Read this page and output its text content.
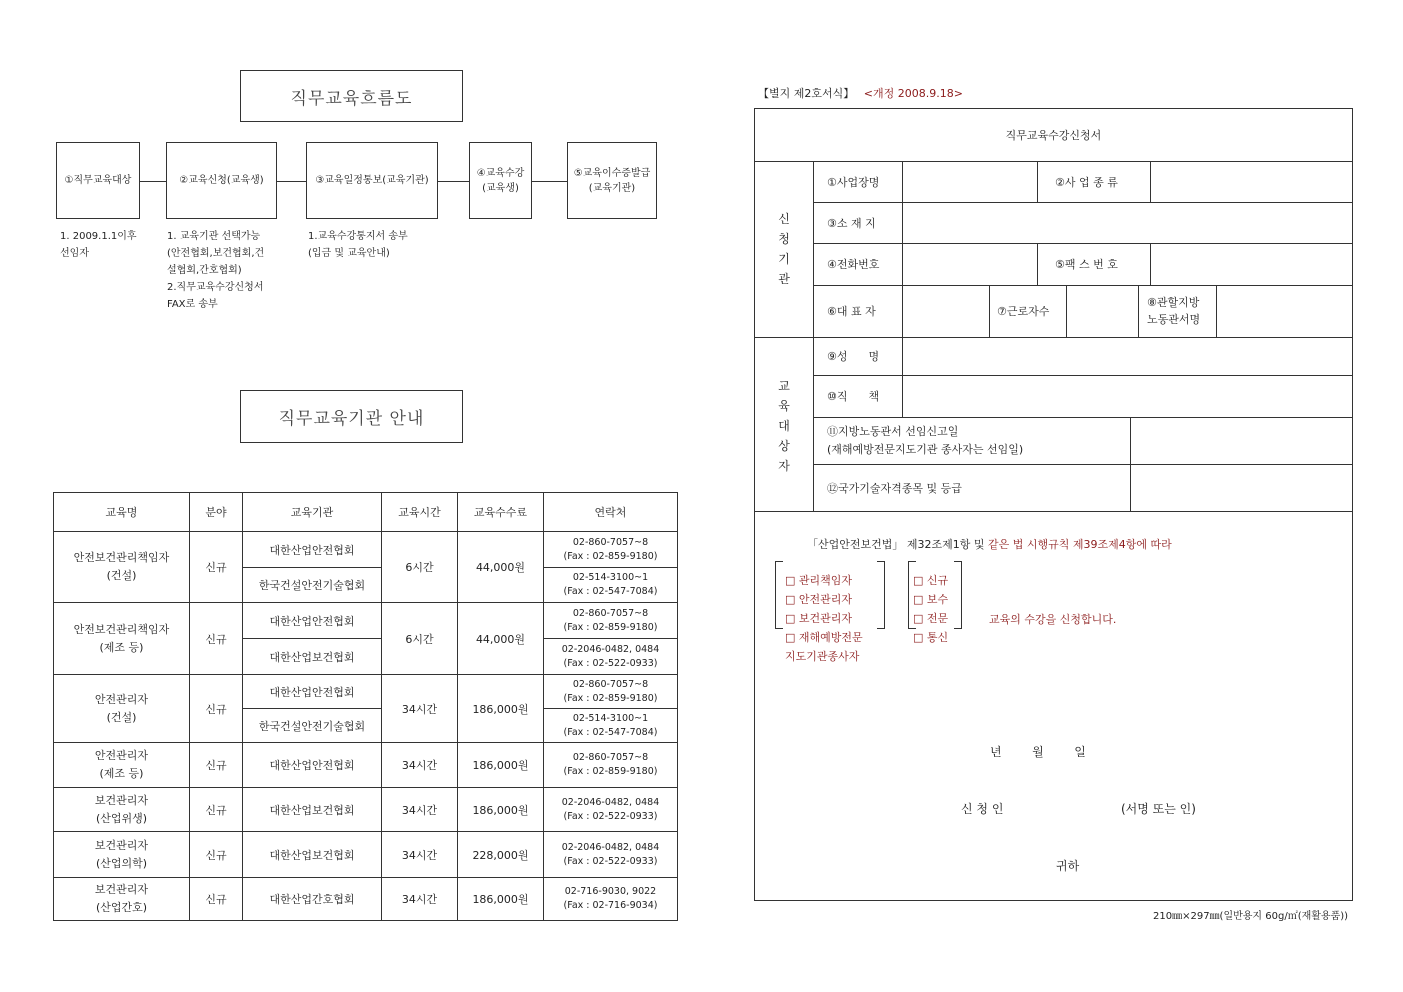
직무교육흐름도
①직무교육대상	②교육신청(교육생)	③교육일정통보(교육기관)
④교육수강
(교육생)
⑤교육이수증발급
(교육기관)
1. 2009.1.1이후
선임자
1. 교육기관 선택가능
(안전협회,보건협회,건
설협회,간호협회)
2.직무교육수강신청서
FAX로 송부
1.교육수강통지서 송부
(입금 및 교육안내)
직무교육기관 안내
교육명	분야	교육기관	교육시간	교육수수료	연락처
안전보건관리책임자
(건설)	신규	대한산업안전협회	6시간	44,000원	02-860-7057~8
(Fax : 02-859-9180)
		한국건설안전기술협회			02-514-3100~1
(Fax : 02-547-7084)
안전보건관리책임자
(제조 등)	신규	대한산업안전협회	6시간	44,000원	02-860-7057~8
(Fax : 02-859-9180)
		대한산업보건협회			02-2046-0482, 0484
(Fax : 02-522-0933)
안전관리자
(건설)	신규	대한산업안전협회	34시간	186,000원	02-860-7057~8
(Fax : 02-859-9180)
		한국건설안전기술협회			02-514-3100~1
(Fax : 02-547-7084)
안전관리자
(제조 등)	신규	대한산업안전협회	34시간	186,000원	02-860-7057~8
(Fax : 02-859-9180)
보건관리자
(산업위생)	신규	대한산업보건협회	34시간	186,000원	02-2046-0482, 0484
(Fax : 02-522-0933)
보건관리자
(산업의학)	신규	대한산업보건협회	34시간	228,000원	02-2046-0482, 0484
(Fax : 02-522-0933)
보건관리자
(산업간호)	신규	대한산업간호협회	34시간	186,000원	02-716-9030, 9022
(Fax : 02-716-9034)
【별지 제2호서식】 <개정 2008.9.18>
직무교육수강신청서
신
청
기
관
교
육
대
상
자
①사업장명	②사 업 종 류
③소 재 지
④전화번호	⑤팩 스 번 호
⑥대 표 자	⑦근로자수
⑧관할지방
노동관서명
⑨성      명
⑩직      책
⑪지방노동관서 선임신고일
(재해예방전문지도기관 종사자는 선임일)
⑫국가기술자격종목 및 등급
「산업안전보건법」 제32조제1항 및 같은 법 시행규칙 제39조제4항에 따라
□ 관리책임자
□ 안전관리자
□ 보건관리자
□ 재해예방전문
지도기관종사자
□ 신규
□ 보수
□ 전문
□ 통신
교육의 수강을 신청합니다.
년        월        일
신 청 인	(서명 또는 인)
귀하
210㎜×297㎜(일반용지 60g/㎡(재활용품))
